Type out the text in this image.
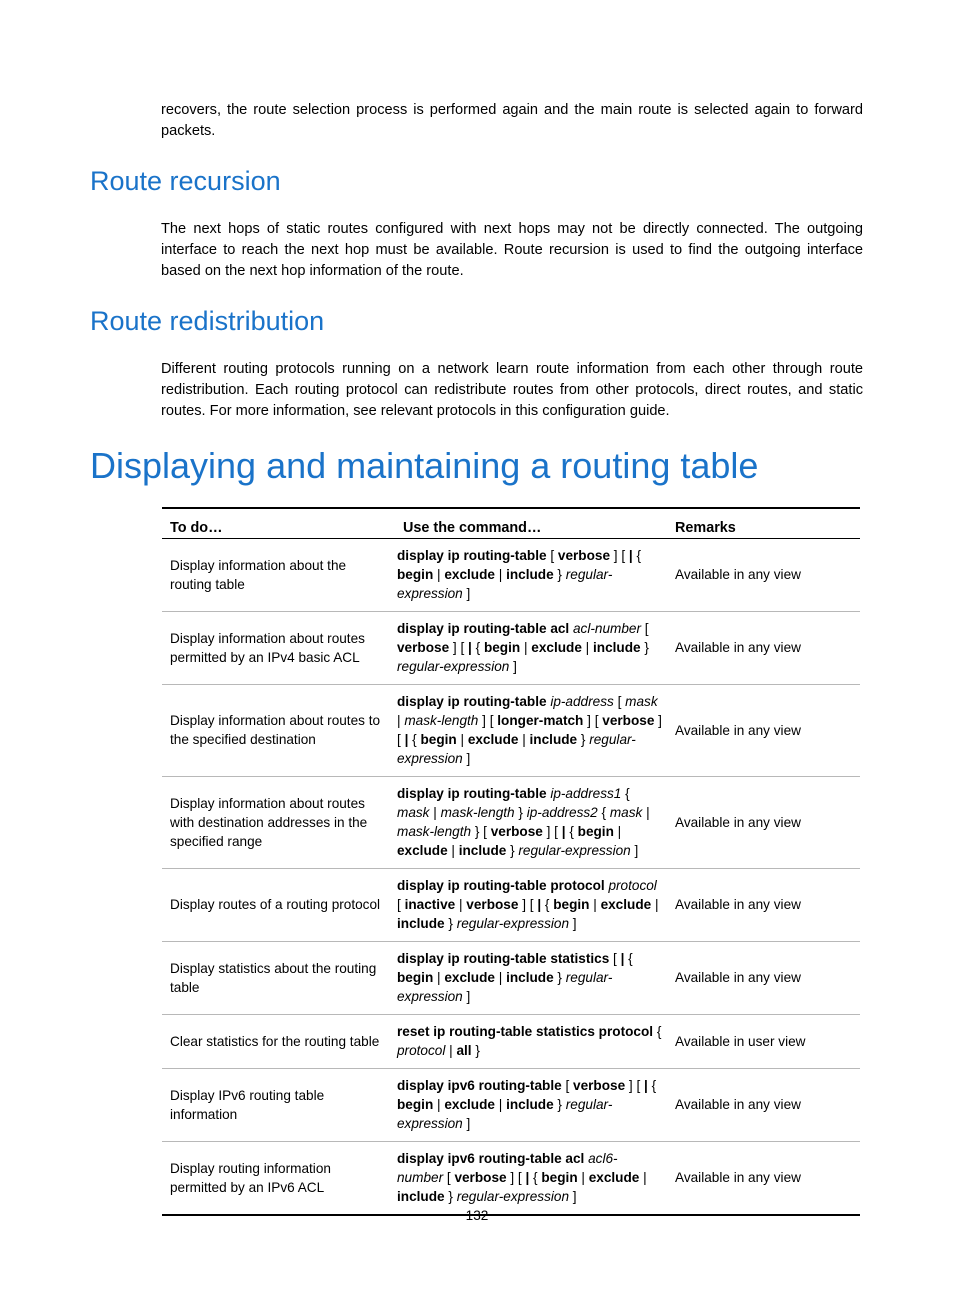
recovers, the route selection process is performed again and the main route is selected again to forward packets.

Route recursion

The next hops of static routes configured with next hops may not be directly connected. The outgoing interface to reach the next hop must be available. Route recursion is used to find the outgoing interface based on the next hop information of the route.

Route redistribution

Different routing protocols running on a network learn route information from each other through route redistribution. Each routing protocol can redistribute routes from other protocols, direct routes, and static routes. For more information, see relevant protocols in this configuration guide.

Displaying and maintaining a routing table
To do…	Use the command…	Remarks
Display information about the routing table	display ip routing-table [ verbose ] [ | { begin | exclude | include } regular-expression ]	Available in any view
Display information about routes permitted by an IPv4 basic ACL	display ip routing-table acl acl-number [ verbose ] [ | { begin | exclude | include } regular-expression ]	Available in any view
Display information about routes to the specified destination	display ip routing-table ip-address [ mask | mask-length ] [ longer-match ] [ verbose ] [ | { begin | exclude | include } regular-expression ]	Available in any view
Display information about routes with destination addresses in the specified range	display ip routing-table ip-address1 { mask | mask-length } ip-address2 { mask | mask-length } [ verbose ] [ | { begin | exclude | include } regular-expression ]	Available in any view
Display routes of a routing protocol	display ip routing-table protocol protocol [ inactive | verbose ] [ | { begin | exclude | include } regular-expression ]	Available in any view
Display statistics about the routing table	display ip routing-table statistics [ | { begin | exclude | include } regular-expression ]	Available in any view
Clear statistics for the routing table	reset ip routing-table statistics protocol { protocol | all }	Available in user view
Display IPv6 routing table information	display ipv6 routing-table [ verbose ] [ | { begin | exclude | include } regular-expression ]	Available in any view
Display routing information permitted by an IPv6 ACL	display ipv6 routing-table acl acl6-number [ verbose ] [ | { begin | exclude | include } regular-expression ]	Available in any view
132
